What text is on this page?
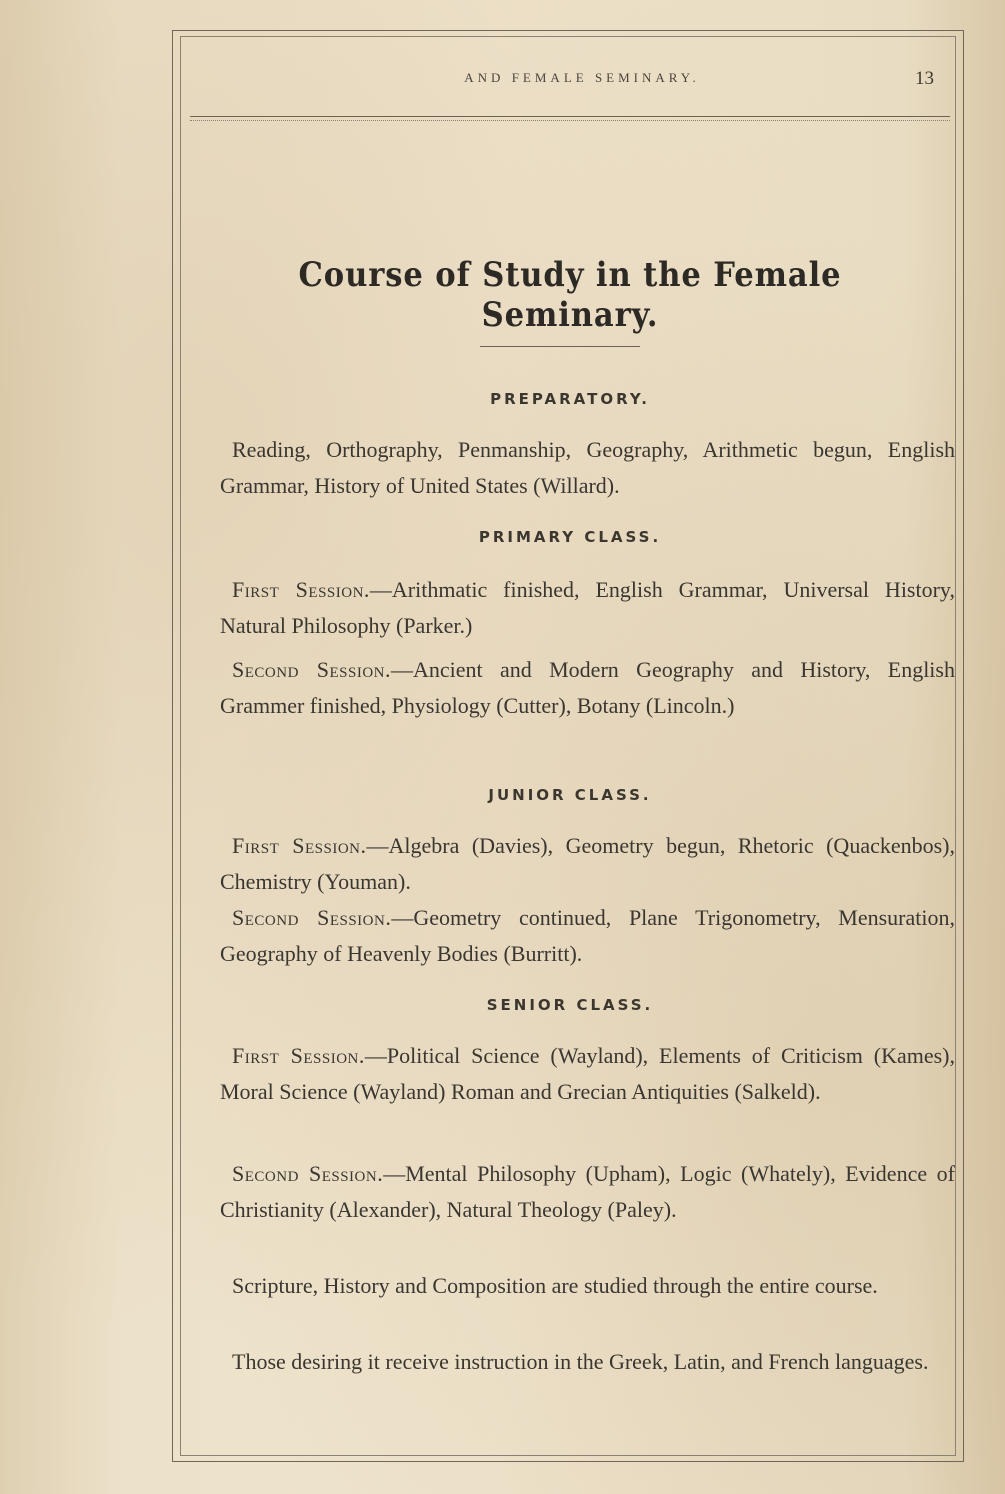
AND FEMALE SEMINARY.	13
Course of Study in the Female Seminary.
PREPARATORY.
Reading, Orthography, Penmanship, Geography, Arithmetic begun, English Grammar, History of United States (Willard).
PRIMARY CLASS.
First Session.—Arithmatic finished, English Grammar, Universal History, Natural Philosophy (Parker.)
Second Session.—Ancient and Modern Geography and History, English Grammer finished, Physiology (Cutter), Botany (Lincoln.)
JUNIOR CLASS.
First Session.—Algebra (Davies), Geometry begun, Rhetoric (Quackenbos), Chemistry (Youman).
Second Session.—Geometry continued, Plane Trigonometry, Mensuration, Geography of Heavenly Bodies (Burritt).
SENIOR CLASS.
First Session.—Political Science (Wayland), Elements of Criticism (Kames), Moral Science (Wayland) Roman and Grecian Antiquities (Salkeld).
Second Session.—Mental Philosophy (Upham), Logic (Whately), Evidence of Christianity (Alexander), Natural Theology (Paley).
Scripture, History and Composition are studied through the entire course.
Those desiring it receive instruction in the Greek, Latin, and French languages.
